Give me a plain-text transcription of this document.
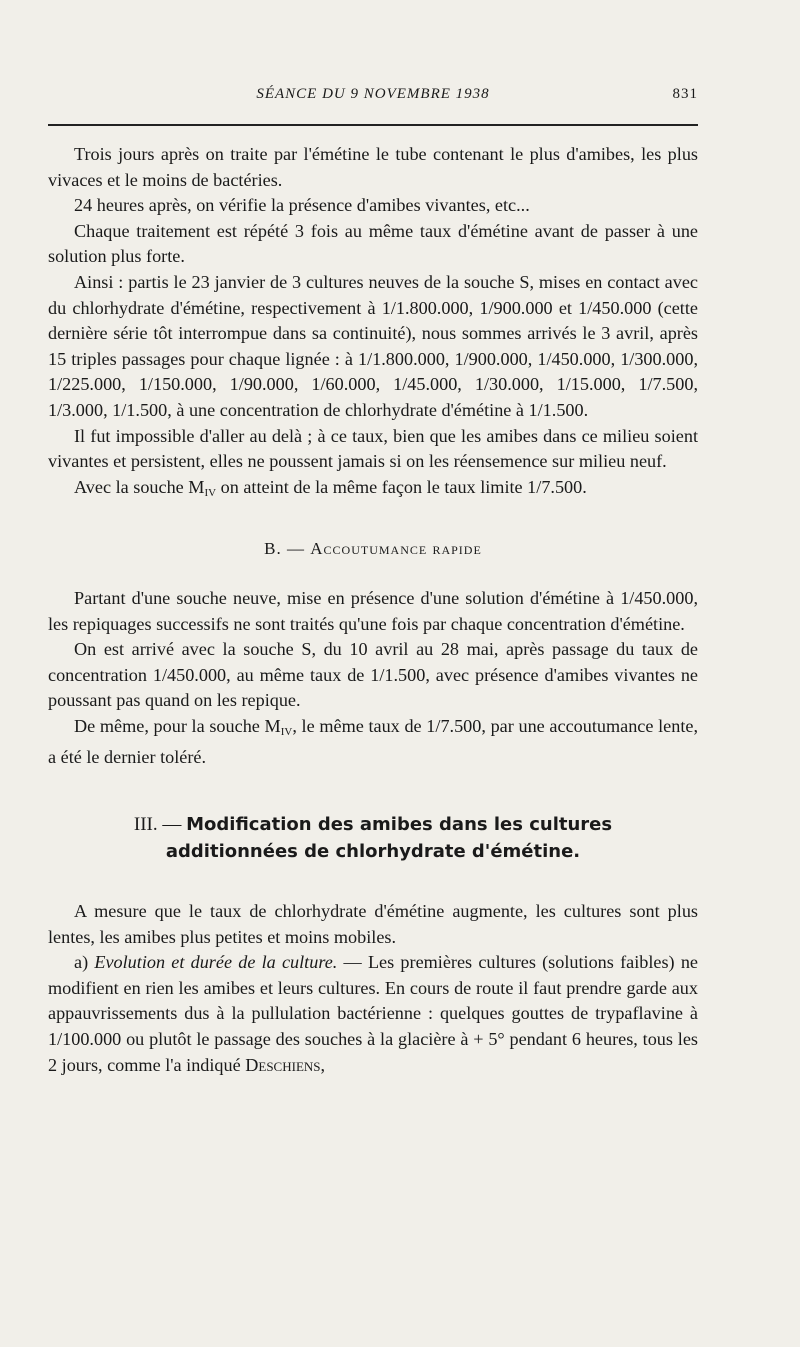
SÉANCE DU 9 NOVEMBRE 1938	831

Trois jours après on traite par l'émétine le tube contenant le plus d'amibes, les plus vivaces et le moins de bactéries.

24 heures après, on vérifie la présence d'amibes vivantes, etc...

Chaque traitement est répété 3 fois au même taux d'émétine avant de passer à une solution plus forte.

Ainsi : partis le 23 janvier de 3 cultures neuves de la souche S, mises en contact avec du chlorhydrate d'émétine, respectivement à 1/1.800.000, 1/900.000 et 1/450.000 (cette dernière série tôt interrompue dans sa continuité), nous sommes arrivés le 3 avril, après 15 triples passages pour chaque lignée : à 1/1.800.000, 1/900.000, 1/450.000, 1/300.000, 1/225.000, 1/150.000, 1/90.000, 1/60.000, 1/45.000, 1/30.000, 1/15.000, 1/7.500, 1/3.000, 1/1.500, à une concentration de chlorhydrate d'émétine à 1/1.500.

Il fut impossible d'aller au delà ; à ce taux, bien que les amibes dans ce milieu soient vivantes et persistent, elles ne poussent jamais si on les réensemence sur milieu neuf.

Avec la souche $M_{IV}$ on atteint de la même façon le taux limite 1/7.500.

B. — Accoutumance rapide

Partant d'une souche neuve, mise en présence d'une solution d'émétine à 1/450.000, les repiquages successifs ne sont traités qu'une fois par chaque concentration d'émétine.

On est arrivé avec la souche S, du 10 avril au 28 mai, après passage du taux de concentration 1/450.000, au même taux de 1/1.500, avec présence d'amibes vivantes ne poussant pas quand on les repique.

De même, pour la souche $M_{IV}$, le même taux de 1/7.500, par une accoutumance lente, a été le dernier toléré.

III. — Modification des amibes dans les cultures
additionnées de chlorhydrate d'émétine.

A mesure que le taux de chlorhydrate d'émétine augmente, les cultures sont plus lentes, les amibes plus petites et moins mobiles.

a) Evolution et durée de la culture. — Les premières cultures (solutions faibles) ne modifient en rien les amibes et leurs cultures. En cours de route il faut prendre garde aux appauvrissements dus à la pullulation bactérienne : quelques gouttes de trypaflavine à 1/100.000 ou plutôt le passage des souches à la glacière à + 5° pendant 6 heures, tous les 2 jours, comme l'a indiqué Deschiens,
